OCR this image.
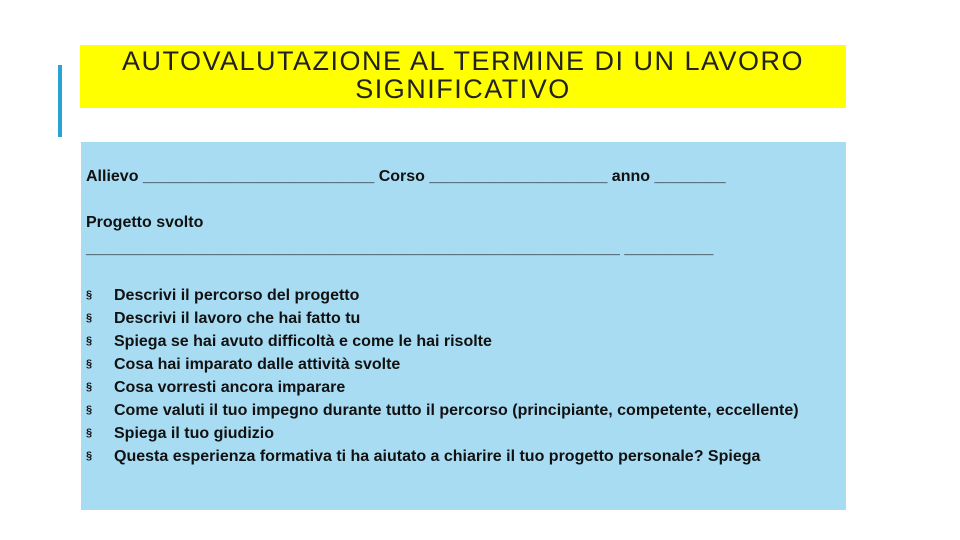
AUTOVALUTAZIONE AL TERMINE DI UN LAVORO SIGNIFICATIVO
Allievo __________________________ Corso ____________________ anno ________
Progetto svolto
____________________________________________________________ __________
§ Descrivi il percorso del progetto
§ Descrivi il lavoro che hai fatto tu
§ Spiega se hai avuto difficoltà e come le hai risolte
§ Cosa hai imparato dalle attività svolte
§ Cosa vorresti ancora imparare
§ Come valuti il tuo impegno durante tutto il percorso (principiante, competente, eccellente)
§ Spiega il tuo giudizio
§ Questa esperienza formativa ti ha aiutato a chiarire il tuo progetto personale? Spiega
